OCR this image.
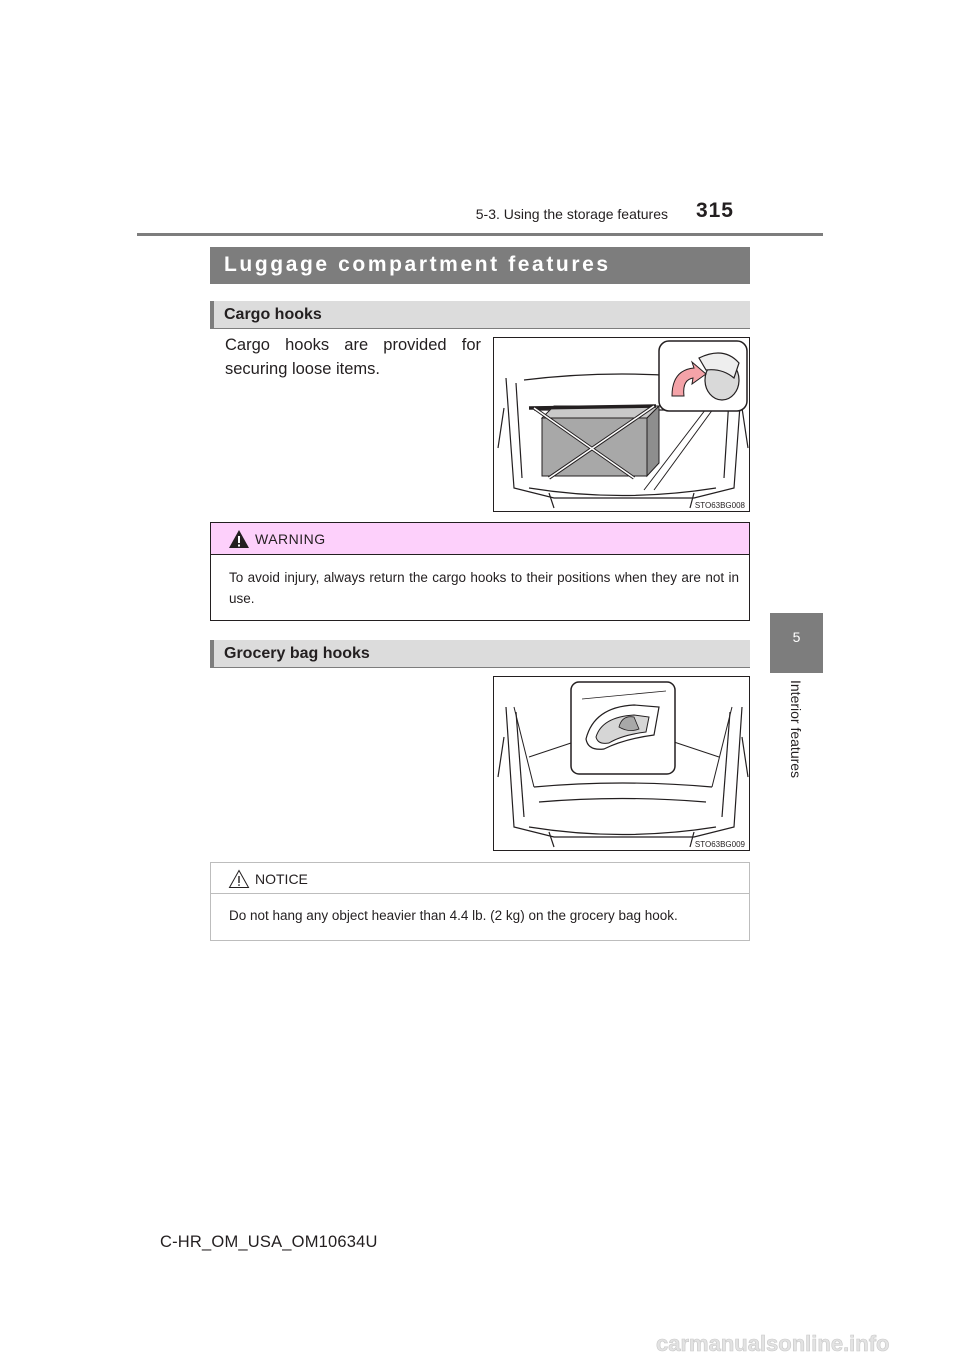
5-3. Using the storage features	315
5
Interior features
Luggage compartment features
Cargo hooks
Cargo hooks are provided for securing loose items.
STO63BG008
WARNING
To avoid injury, always return the cargo hooks to their positions when they are not in use.
Grocery bag hooks
STO63BG009
NOTICE
Do not hang any object heavier than 4.4 lb. (2 kg) on the grocery bag hook.
C-HR_OM_USA_OM10634U
carmanualsonline.info
